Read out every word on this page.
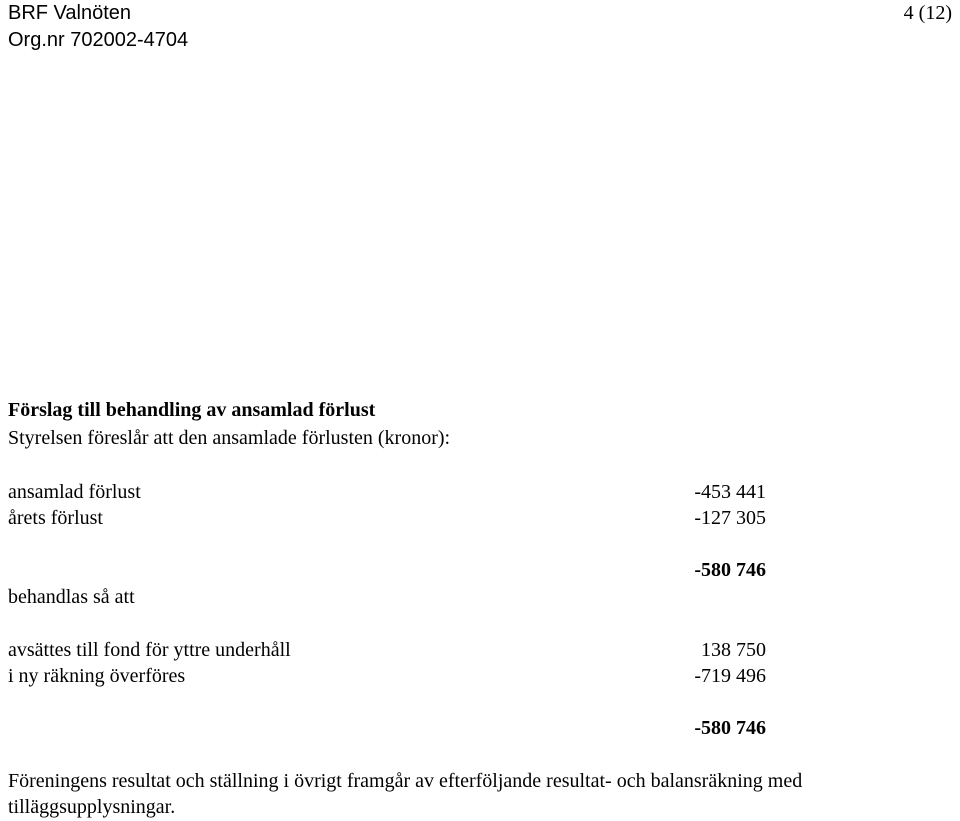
BRF Valnöten
Org.nr 702002-4704
4 (12)
Förslag till behandling av ansamlad förlust
Styrelsen föreslår att den ansamlade förlusten (kronor):
ansamlad förlust	-453 441
årets förlust	-127 305
-580 746
behandlas så att
avsättes till fond för yttre underhåll	138 750
i ny räkning överföres	-719 496
-580 746
Föreningens resultat och ställning i övrigt framgår av efterföljande resultat- och balansräkning med tilläggsupplysningar.
